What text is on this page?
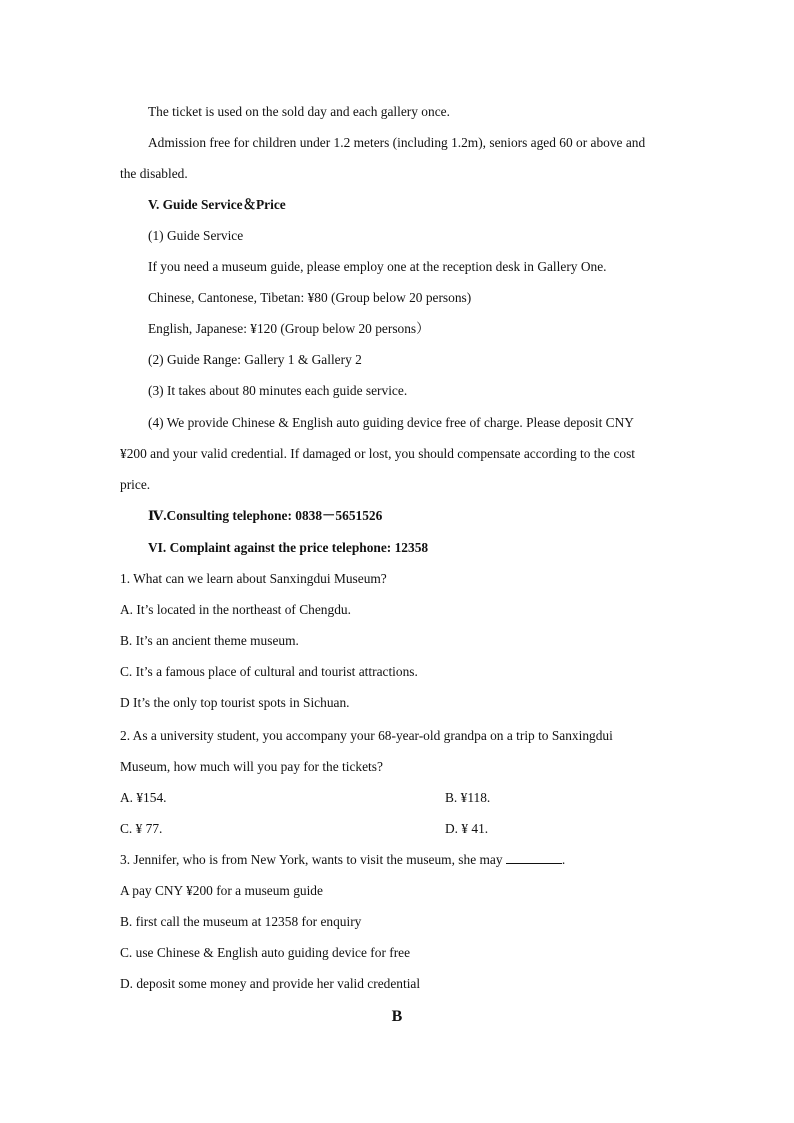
The ticket is used on the sold day and each gallery once.
Admission free for children under 1.2 meters (including 1.2m), seniors aged 60 or above and
the disabled.
V. Guide Service＆Price
(1) Guide Service
If you need a museum guide, please employ one at the reception desk in Gallery One.
Chinese, Cantonese, Tibetan: ¥80 (Group below 20 persons)
English, Japanese: ¥120 (Group below 20 persons）
(2) Guide Range: Gallery 1 & Gallery 2
(3) It takes about 80 minutes each guide service.
(4) We provide Chinese & English auto guiding device free of charge. Please deposit CNY
¥200 and your valid credential. If damaged or lost, you should compensate according to the cost
price.
Ⅳ.Consulting telephone: 0838－5651526
VI. Complaint against the price telephone: 12358
1. What can we learn about Sanxingdui Museum?
A. It’s located in the northeast of Chengdu.
B. It’s an ancient theme museum.
C. It’s a famous place of cultural and tourist attractions.
D It’s the only top tourist spots in Sichuan.
2. As a university student, you accompany your 68-year-old grandpa on a trip to Sanxingdui
Museum, how much will you pay for the tickets?
A. ¥154.	B. ¥118.
C. ¥ 77.	D. ¥ 41.
3. Jennifer, who is from New York, wants to visit the museum, she may	.
A pay CNY ¥200 for a museum guide
B. first call the museum at 12358 for enquiry
C. use Chinese & English auto guiding device for free
D. deposit some money and provide her valid credential
B
